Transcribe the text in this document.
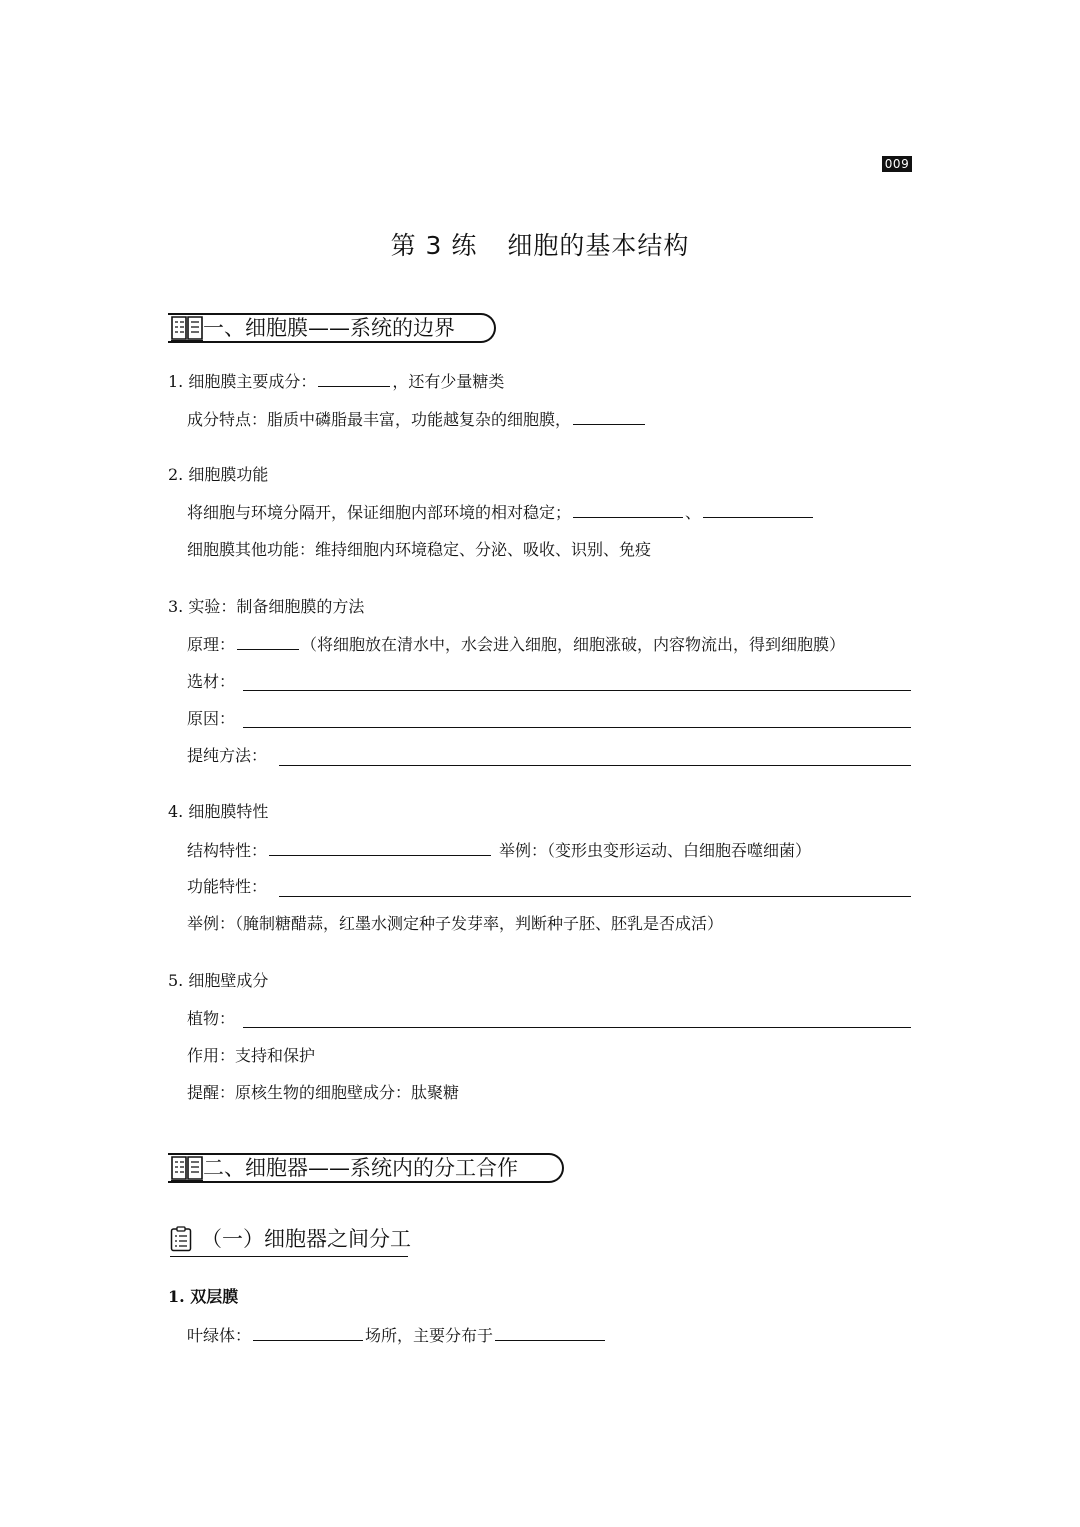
009
第 3 练 细胞的基本结构
一、细胞膜——系统的边界
1. 细胞膜主要成分：	，还有少量糖类
成分特点：脂质中磷脂最丰富，功能越复杂的细胞膜，
2. 细胞膜功能
将细胞与环境分隔开，保证细胞内部环境的相对稳定；	、
细胞膜其他功能：维持细胞内环境稳定、分泌、吸收、识别、免疫
3. 实验：制备细胞膜的方法
原理：	（将细胞放在清水中，水会进入细胞，细胞涨破，内容物流出，得到细胞膜）
选材：
原因：
提纯方法：
4. 细胞膜特性
结构特性：	举例：（变形虫变形运动、白细胞吞噬细菌）
功能特性：
举例：（腌制糖醋蒜，红墨水测定种子发芽率，判断种子胚、胚乳是否成活）
5. 细胞壁成分
植物：
作用：支持和保护
提醒：原核生物的细胞壁成分：肽聚糖
二、细胞器——系统内的分工合作
（一）细胞器之间分工
1. 双层膜
叶绿体：	场所，主要分布于
